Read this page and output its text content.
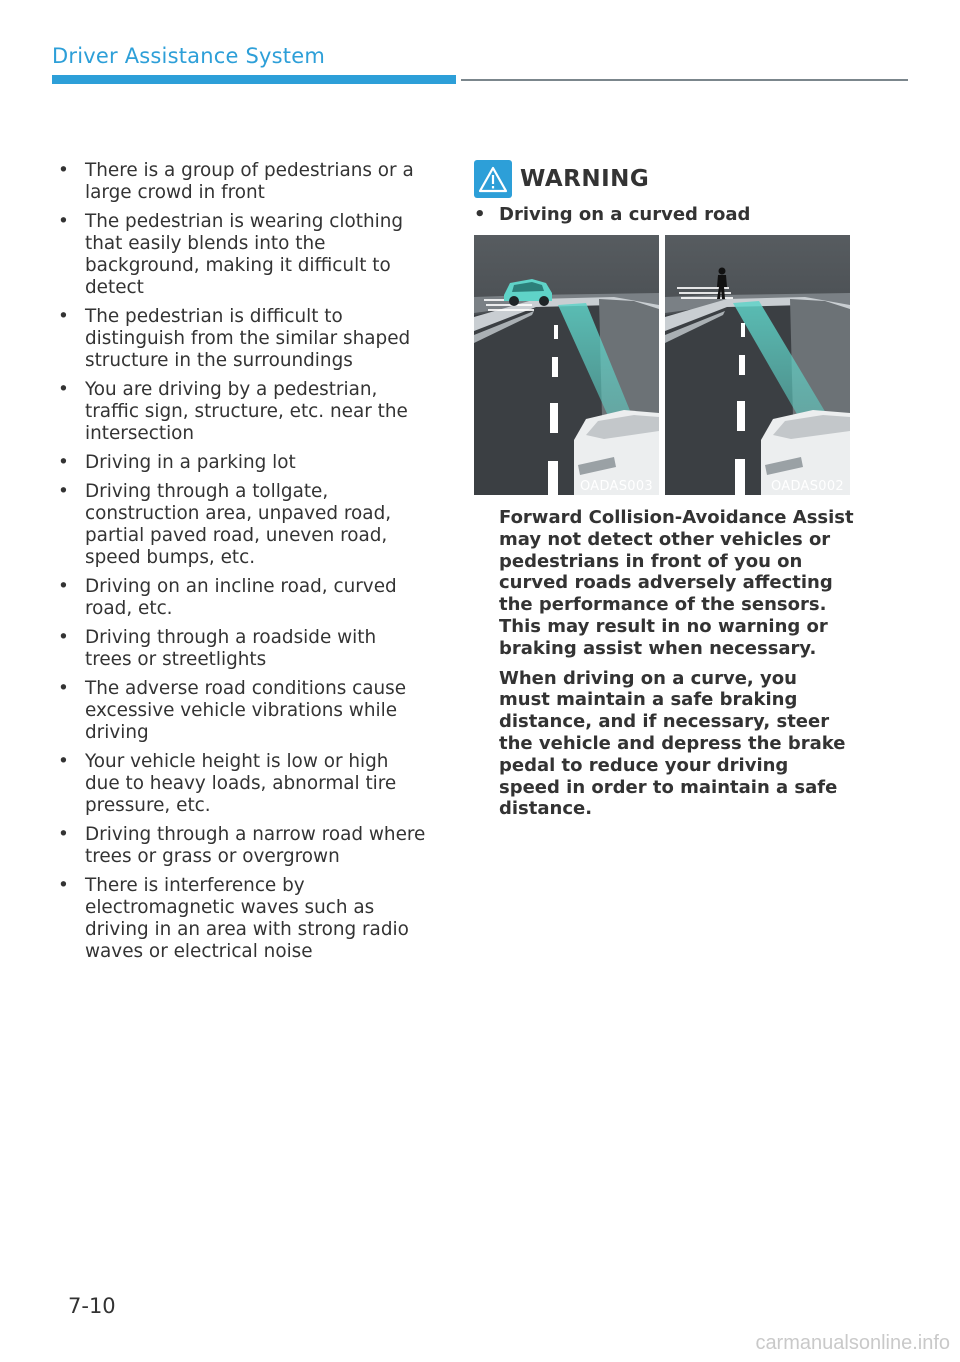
Driver Assistance System
• There is a group of pedestrians or a large crowd in front
• The pedestrian is wearing clothing that easily blends into the background, making it difficult to detect
• The pedestrian is difficult to distinguish from the similar shaped structure in the surroundings
• You are driving by a pedestrian, traffic sign, structure, etc. near the intersection
• Driving in a parking lot
• Driving through a tollgate, construction area, unpaved road, partial paved road, uneven road, speed bumps, etc.
• Driving on an incline road, curved road, etc.
• Driving through a roadside with trees or streetlights
• The adverse road conditions cause excessive vehicle vibrations while driving
• Your vehicle height is low or high due to heavy loads, abnormal tire pressure, etc.
• Driving through a narrow road where trees or grass or overgrown
• There is interference by electromagnetic waves such as driving in an area with strong radio waves or electrical noise
WARNING
• Driving on a curved road
OADAS003	OADAS002

Forward Collision-Avoidance Assist may not detect other vehicles or pedestrians in front of you on curved roads adversely affecting the performance of the sensors. This may result in no warning or braking assist when necessary.

When driving on a curve, you must maintain a safe braking distance, and if necessary, steer the vehicle and depress the brake pedal to reduce your driving speed in order to maintain a safe distance.

7-10
carmanualsonline.info
